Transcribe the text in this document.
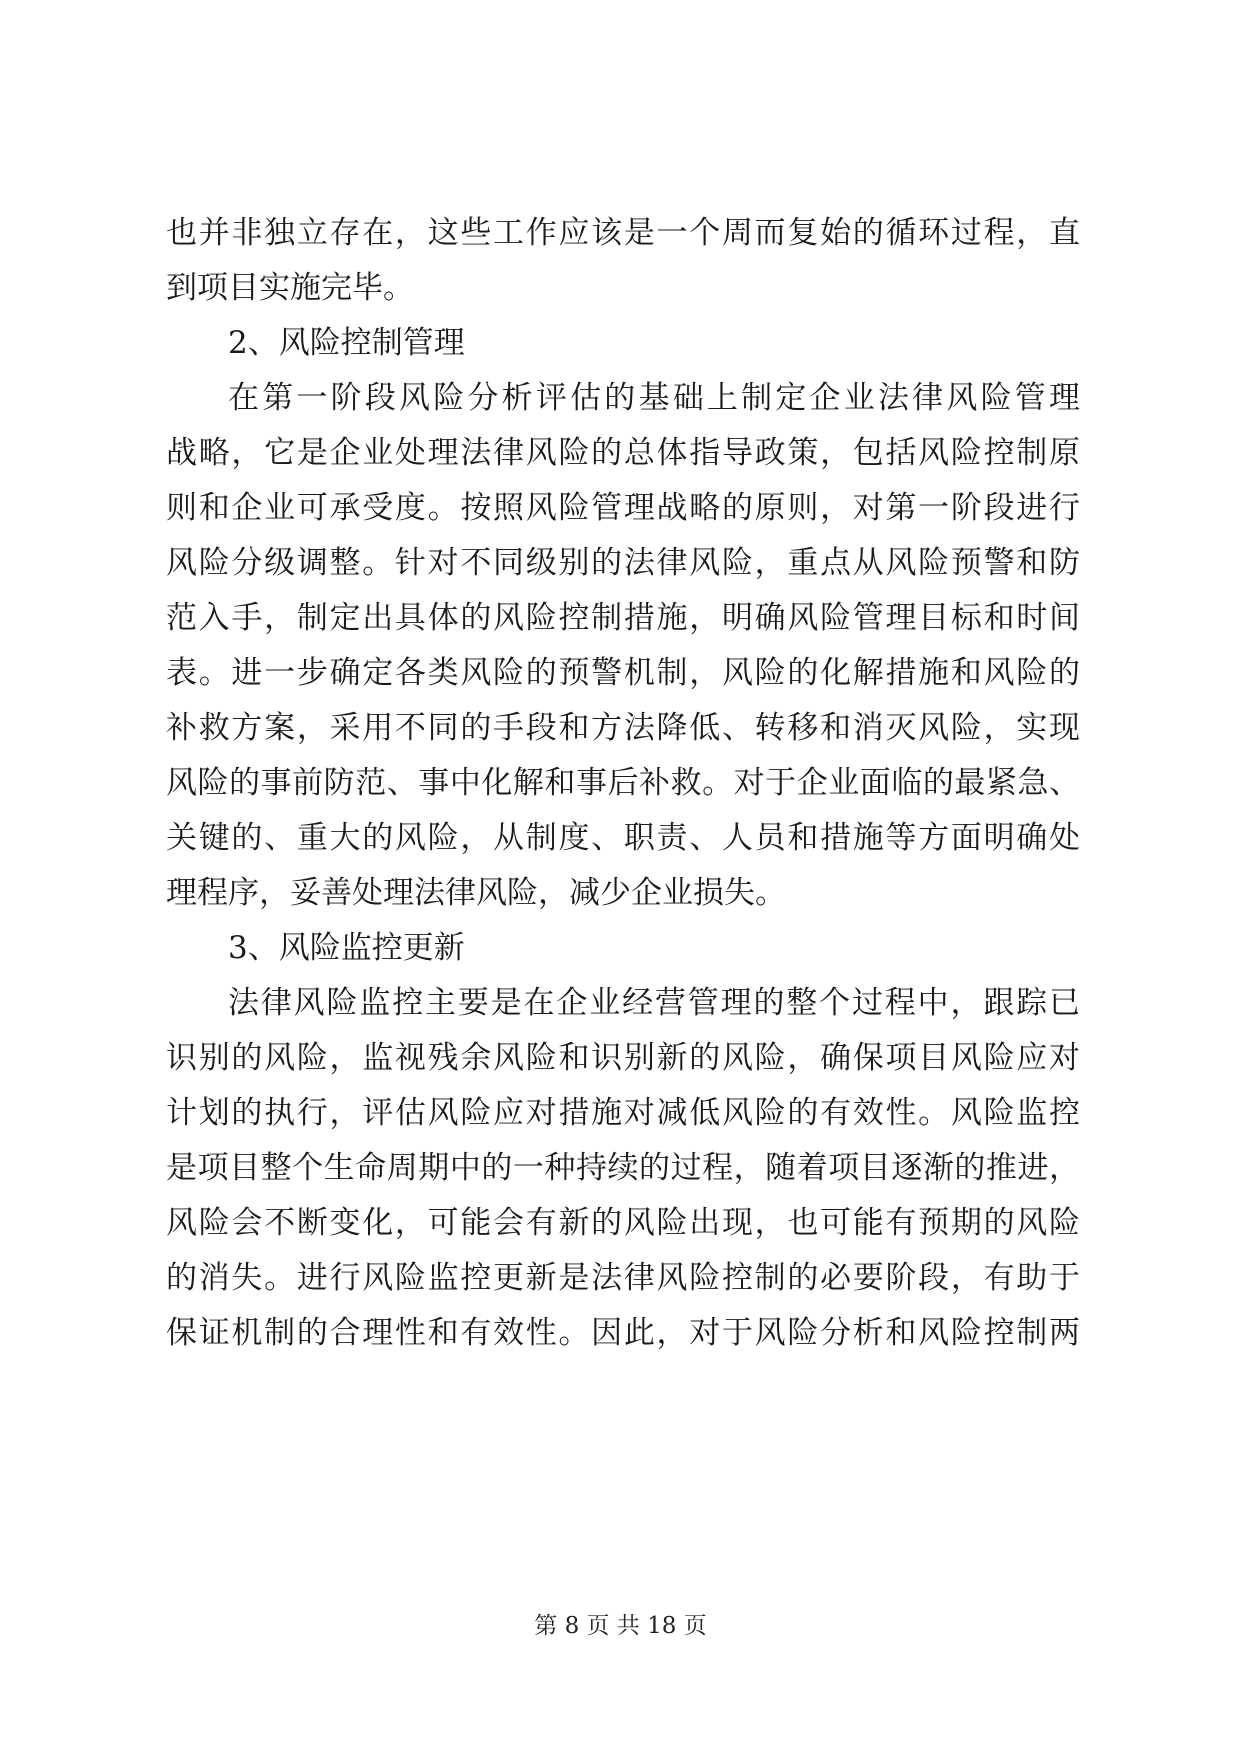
也并非独立存在，这些工作应该是一个周而复始的循环过程，直
到项目实施完毕。
2、风险控制管理
在第一阶段风险分析评估的基础上制定企业法律风险管理
战略，它是企业处理法律风险的总体指导政策，包括风险控制原
则和企业可承受度。按照风险管理战略的原则，对第一阶段进行
风险分级调整。针对不同级别的法律风险，重点从风险预警和防
范入手，制定出具体的风险控制措施，明确风险管理目标和时间
表。进一步确定各类风险的预警机制，风险的化解措施和风险的
补救方案，采用不同的手段和方法降低、转移和消灭风险，实现
风险的事前防范、事中化解和事后补救。对于企业面临的最紧急、
关键的、重大的风险，从制度、职责、人员和措施等方面明确处
理程序，妥善处理法律风险，减少企业损失。
3、风险监控更新
法律风险监控主要是在企业经营管理的整个过程中，跟踪已
识别的风险，监视残余风险和识别新的风险，确保项目风险应对
计划的执行，评估风险应对措施对减低风险的有效性。风险监控
是项目整个生命周期中的一种持续的过程，随着项目逐渐的推进，
风险会不断变化，可能会有新的风险出现，也可能有预期的风险
的消失。进行风险监控更新是法律风险控制的必要阶段，有助于
保证机制的合理性和有效性。因此，对于风险分析和风险控制两
第 8 页 共 18 页
